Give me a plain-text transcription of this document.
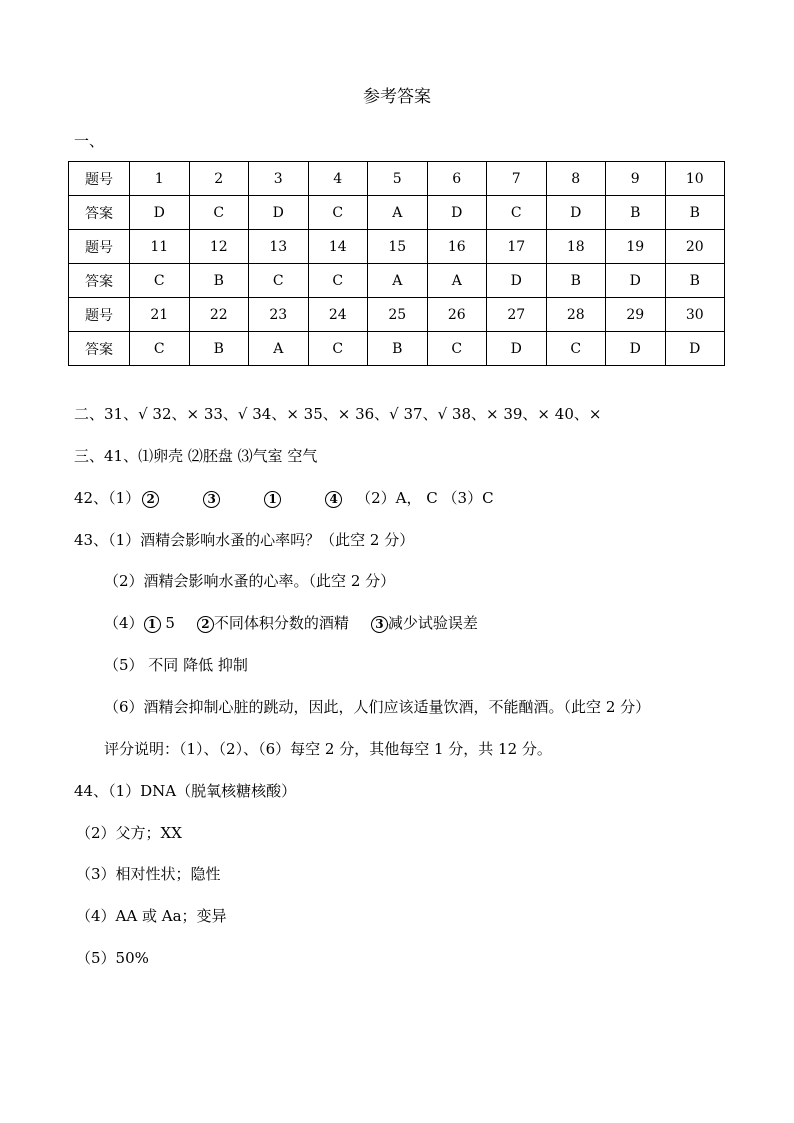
参考答案
一、
题号	1	2	3	4	5	6	7	8	9	10
答案	D	C	D	C	A	D	C	D	B	B
题号	11	12	13	14	15	16	17	18	19	20
答案	C	B	C	C	A	A	D	B	D	B
题号	21	22	23	24	25	26	27	28	29	30
答案	C	B	A	C	B	C	D	C	D	D
二、31、√ 32、× 33、√ 34、× 35、× 36、√ 37、√ 38、× 39、× 40、×
三、41、⑴卵壳 ⑵胚盘 ⑶气室 空气
42、（1） 2	3	1	4 （2）A， C （3）C
43、（1）酒精会影响水蚤的心率吗？（此空 2 分）
（2）酒精会影响水蚤的心率。（此空 2 分）
（4） 1 5 2 不同体积分数的酒精 3 减少试验误差
（5） 不同 降低 抑制
（6）酒精会抑制心脏的跳动，因此，人们应该适量饮酒，不能酗酒。（此空 2 分）
评分说明：（1）、（2）、（6）每空 2 分，其他每空 1 分，共 12 分。
44、（1）DNA（脱氧核糖核酸）
（2）父方；XX
（3）相对性状；隐性
（4）AA 或 Aa；变异
（5）50%
